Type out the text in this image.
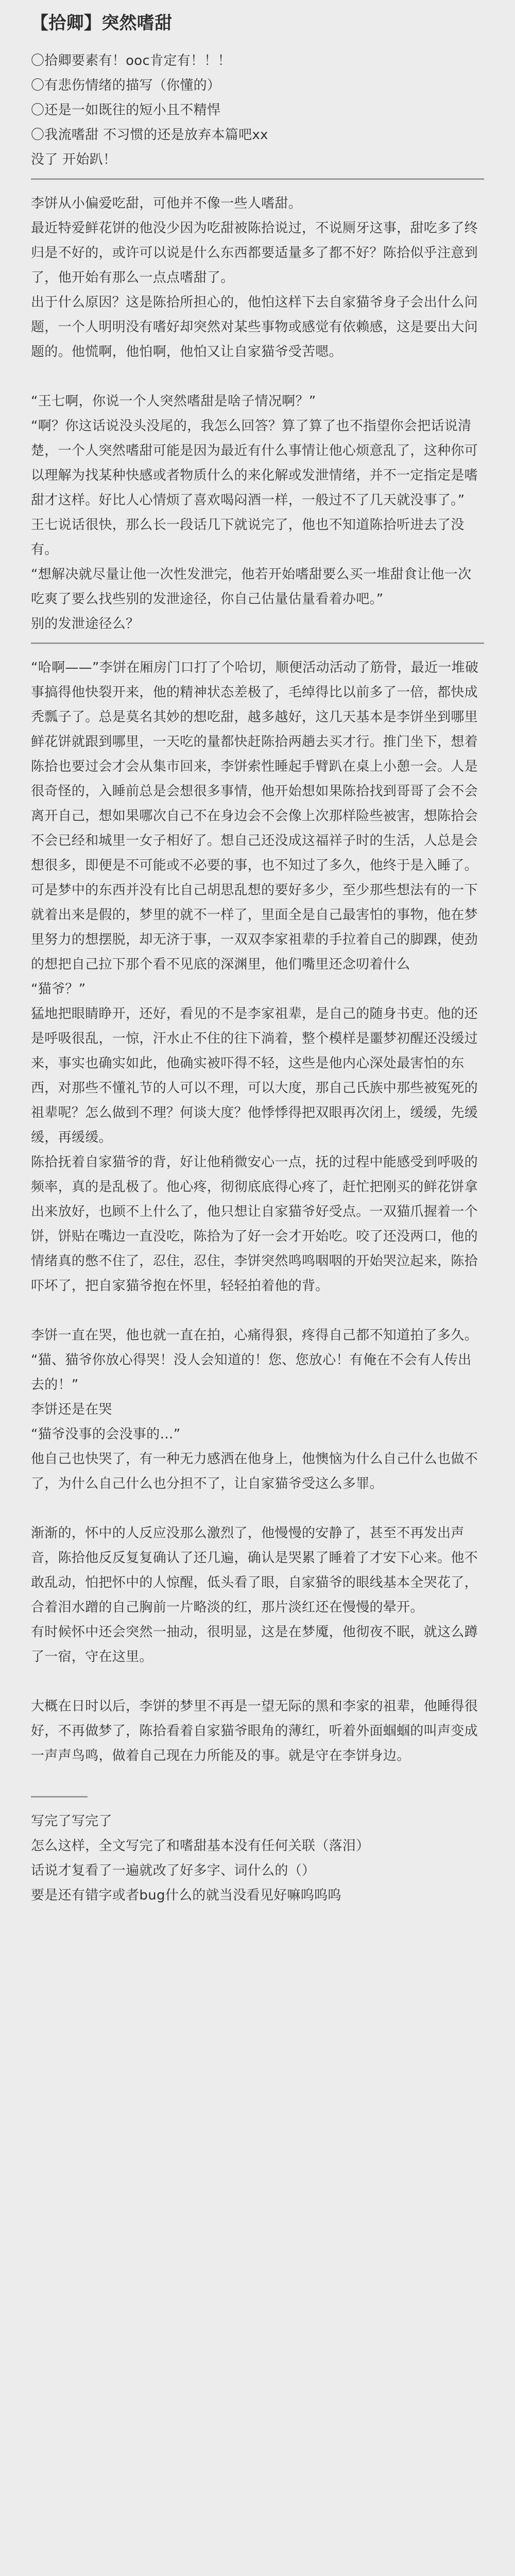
【拾卿】突然嗜甜

〇拾卿要素有！ooc肯定有！！！

〇有悲伤情绪的描写（你懂的）

〇还是一如既往的短小且不精悍

〇我流嗜甜 不习惯的还是放弃本篇吧xx

没了 开始趴！

李饼从小偏爱吃甜，可他并不像一些人嗜甜。

最近特爱鲜花饼的他没少因为吃甜被陈拾说过，不说厕牙这事，甜吃多了终归是不好的，或许可以说是什么东西都要适量多了都不好？陈拾似乎注意到了，他开始有那么一点点嗜甜了。

出于什么原因？这是陈拾所担心的，他怕这样下去自家猫爷身子会出什么问题，一个人明明没有嗜好却突然对某些事物或感觉有依赖感，这是要出大问题的。他慌啊，他怕啊，他怕又让自家猫爷受苦嗯。

“王七啊，你说一个人突然嗜甜是啥子情况啊？”

“啊？你这话说没头没尾的，我怎么回答？算了算了也不指望你会把话说清楚，一个人突然嗜甜可能是因为最近有什么事情让他心烦意乱了，这种你可以理解为找某种快感或者物质什么的来化解或发泄情绪，并不一定指定是嗜甜才这样。好比人心情烦了喜欢喝闷酒一样，一般过不了几天就没事了。”

王七说话很快，那么长一段话几下就说完了，他也不知道陈拾听进去了没有。

“想解决就尽量让他一次性发泄完，他若开始嗜甜要么买一堆甜食让他一次吃爽了要么找些别的发泄途径，你自己估量估量看着办吧。”

别的发泄途径么？

“哈啊——”李饼在厢房门口打了个哈切，顺便活动活动了筋骨，最近一堆破事搞得他快裂开来，他的精神状态差极了，毛绰得比以前多了一倍，都快成秃瓢子了。总是莫名其妙的想吃甜，越多越好，这几天基本是李饼坐到哪里鲜花饼就跟到哪里，一天吃的量都快赶陈拾两趟去买才行。推门坐下，想着陈拾也要过会才会从集市回来，李饼索性睡起手臂趴在桌上小憩一会。人是很奇怪的，入睡前总是会想很多事情，他开始想如果陈拾找到哥哥了会不会离开自己，想如果哪次自己不在身边会不会像上次那样险些被害，想陈拾会不会已经和城里一女子相好了。想自己还没成这福祥子时的生活，人总是会想很多，即便是不可能或不必要的事，也不知过了多久，他终于是入睡了。

可是梦中的东西并没有比自己胡思乱想的要好多少，至少那些想法有的一下就着出来是假的，梦里的就不一样了，里面全是自己最害怕的事物，他在梦里努力的想摆脱，却无济于事，一双双李家祖辈的手拉着自己的脚踝，使劲的想把自己拉下那个看不见底的深渊里，他们嘴里还念叨着什么

“猫爷？”

猛地把眼睛睁开，还好，看见的不是李家祖辈，是自己的随身书吏。他的还是呼吸很乱，一惊，汗水止不住的往下淌着，整个模样是噩梦初醒还没缓过来，事实也确实如此，他确实被吓得不轻，这些是他内心深处最害怕的东西，对那些不懂礼节的人可以不理，可以大度，那自己氏族中那些被冤死的祖辈呢？怎么做到不理？何谈大度？他悸悸得把双眼再次闭上，缓缓，先缓缓，再缓缓。

陈拾抚着自家猫爷的背，好让他稍微安心一点，抚的过程中能感受到呼吸的频率，真的是乱极了。他心疼，彻彻底底得心疼了，赶忙把刚买的鲜花饼拿出来放好，也顾不上什么了，他只想让自家猫爷好受点。一双猫爪握着一个饼，饼贴在嘴边一直没吃，陈拾为了好一会才开始吃。咬了还没两口，他的情绪真的憋不住了，忍住，忍住，李饼突然鸣鸣咽咽的开始哭泣起来，陈拾吓坏了，把自家猫爷抱在怀里，轻轻拍着他的背。

李饼一直在哭，他也就一直在拍，心痛得狠，疼得自己都不知道拍了多久。

“猫、猫爷你放心得哭！没人会知道的！您、您放心！有俺在不会有人传出去的！”

李饼还是在哭

“猫爷没事的会没事的…”

他自己也快哭了，有一种无力感洒在他身上，他懊恼为什么自己什么也做不了，为什么自己什么也分担不了，让自家猫爷受这么多罪。

渐渐的，怀中的人反应没那么激烈了，他慢慢的安静了，甚至不再发出声音，陈拾他反反复复确认了还几遍，确认是哭累了睡着了才安下心来。他不敢乱动，怕把怀中的人惊醒，低头看了眼，自家猫爷的眼线基本全哭花了，合着泪水蹭的自己胸前一片略淡的红，那片淡红还在慢慢的晕开。

有时候怀中还会突然一抽动，很明显，这是在梦魇，他彻夜不眠，就这么蹲了一宿，守在这里。

大概在日时以后，李饼的梦里不再是一望无际的黑和李家的祖辈，他睡得很好，不再做梦了，陈拾看着自家猫爷眼角的薄红，听着外面蝈蝈的叫声变成一声声鸟鸣，做着自己现在力所能及的事。就是守在李饼身边。

写完了写完了

怎么这样，全文写完了和嗜甜基本没有任何关联（落泪）

话说才复看了一遍就改了好多字、词什么的（）

要是还有错字或者bug什么的就当没看见好嘛呜呜呜
